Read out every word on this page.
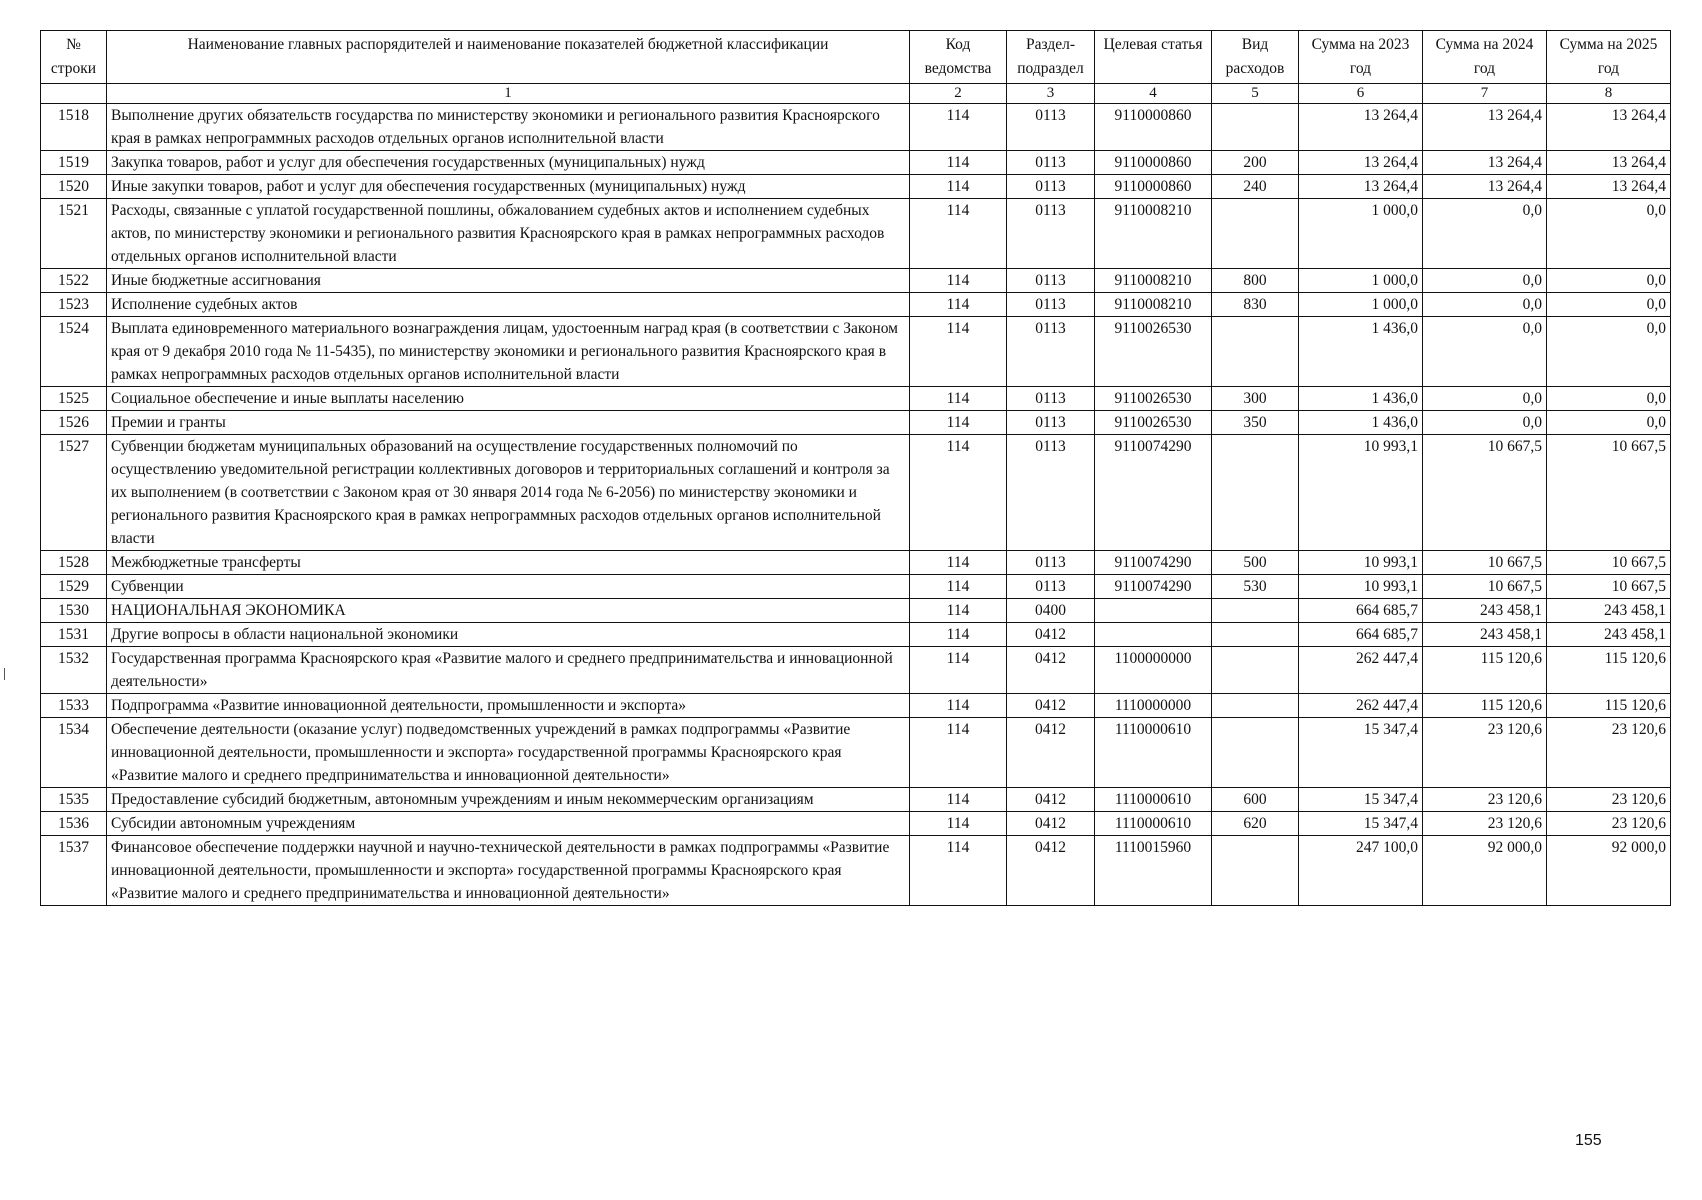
№ строки	Наименование главных распорядителей и наименование показателей бюджетной классификации	Код ведомства	Раздел-подраздел	Целевая статья	Вид расходов	Сумма на 2023 год	Сумма на 2024 год	Сумма на 2025 год
	1	2	3	4	5	6	7	8
1518	Выполнение других обязательств государства по министерству экономики и регионального развития Красноярского края в рамках непрограммных расходов отдельных органов исполнительной власти	114	0113	9110000860		13 264,4	13 264,4	13 264,4
1519	Закупка товаров, работ и услуг для обеспечения государственных (муниципальных) нужд	114	0113	9110000860	200	13 264,4	13 264,4	13 264,4
1520	Иные закупки товаров, работ и услуг для обеспечения государственных (муниципальных) нужд	114	0113	9110000860	240	13 264,4	13 264,4	13 264,4
1521	Расходы, связанные с уплатой государственной пошлины, обжалованием судебных актов и исполнением судебных актов, по министерству экономики и регионального развития Красноярского края в рамках непрограммных расходов отдельных органов исполнительной власти	114	0113	9110008210		1 000,0	0,0	0,0
1522	Иные бюджетные ассигнования	114	0113	9110008210	800	1 000,0	0,0	0,0
1523	Исполнение судебных актов	114	0113	9110008210	830	1 000,0	0,0	0,0
1524	Выплата единовременного материального вознаграждения лицам, удостоенным наград края (в соответствии с Законом края от 9 декабря 2010 года № 11-5435), по министерству экономики и регионального развития Красноярского края в рамках непрограммных расходов отдельных органов исполнительной власти	114	0113	9110026530		1 436,0	0,0	0,0
1525	Социальное обеспечение и иные выплаты населению	114	0113	9110026530	300	1 436,0	0,0	0,0
1526	Премии и гранты	114	0113	9110026530	350	1 436,0	0,0	0,0
1527	Субвенции бюджетам муниципальных образований на осуществление государственных полномочий по осуществлению уведомительной регистрации коллективных договоров и территориальных соглашений и контроля за их выполнением (в соответствии с Законом края от 30 января 2014 года № 6-2056) по министерству экономики и регионального развития Красноярского края в рамках непрограммных расходов отдельных органов исполнительной власти	114	0113	9110074290		10 993,1	10 667,5	10 667,5
1528	Межбюджетные трансферты	114	0113	9110074290	500	10 993,1	10 667,5	10 667,5
1529	Субвенции	114	0113	9110074290	530	10 993,1	10 667,5	10 667,5
1530	НАЦИОНАЛЬНАЯ ЭКОНОМИКА	114	0400			664 685,7	243 458,1	243 458,1
1531	Другие вопросы в области национальной экономики	114	0412			664 685,7	243 458,1	243 458,1
1532	Государственная программа Красноярского края «Развитие малого и среднего предпринимательства и инновационной деятельности»	114	0412	1100000000		262 447,4	115 120,6	115 120,6
1533	Подпрограмма «Развитие инновационной деятельности, промышленности и экспорта»	114	0412	1110000000		262 447,4	115 120,6	115 120,6
1534	Обеспечение деятельности (оказание услуг) подведомственных учреждений в рамках подпрограммы «Развитие инновационной деятельности, промышленности и экспорта» государственной программы Красноярского края «Развитие малого и среднего предпринимательства и инновационной деятельности»	114	0412	1110000610		15 347,4	23 120,6	23 120,6
1535	Предоставление субсидий бюджетным, автономным учреждениям и иным некоммерческим организациям	114	0412	1110000610	600	15 347,4	23 120,6	23 120,6
1536	Субсидии автономным учреждениям	114	0412	1110000610	620	15 347,4	23 120,6	23 120,6
1537	Финансовое обеспечение поддержки научной и научно-технической деятельности в рамках подпрограммы «Развитие инновационной деятельности, промышленности и экспорта» государственной программы Красноярского края «Развитие малого и среднего предпринимательства и инновационной деятельности»	114	0412	1110015960		247 100,0	92 000,0	92 000,0
155
